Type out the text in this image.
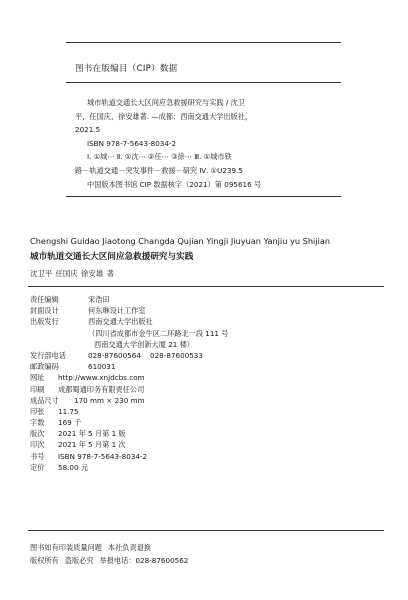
图书在版编目（CIP）数据
城市轨道交通长大区间应急救援研究与实践 / 沈卫
平，任国庆，徐安雄著. —成都：西南交通大学出版社，
2021.5
ISBN 978-7-5643-8034-2
Ⅰ. ①城⋯ Ⅱ. ①沈⋯ ②任⋯ ③徐⋯ Ⅲ. ①城市铁
路－轨道交通－突发事件－救援－研究 Ⅳ. ①U239.5
中国版本图书馆 CIP 数据核字（2021）第 095616 号
Chengshi Guidao Jiaotong Changda Qujian Yingji Jiuyuan Yanjiu yu Shijian
城市轨道交通长大区间应急救援研究与实践
沈卫平 任国庆 徐安雄 著
责任编辑	宋浩田
封面设计	何东琳设计工作室
出版发行	西南交通大学出版社
（四川省成都市金牛区二环路北一段 111 号
西南交通大学创新大厦 21 楼）
发行部电话	028-87600564    028-87600533
邮政编码	610031
网址 http://www.xnjdcbs.com
印刷 成都蜀通印务有限责任公司
成品尺寸 170 mm × 230 mm
印张 11.75
字数 169 千
版次 2021 年 5 月第 1 版
印次 2021 年 5 月第 1 次
书号 ISBN 978-7-5643-8034-2
定价 58.00 元
图书如有印装质量问题 本社负责退换
版权所有 盗版必究 举报电话：028-87600562
